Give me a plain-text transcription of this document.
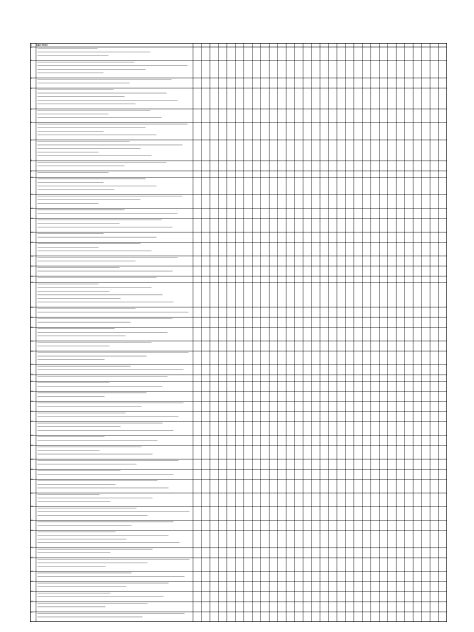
I SECTION
1
2
3
4
5
6
7
8
9
10
11
12
13
14
15
16
17
18
19
20
21
22
23
24
25
26
27
28
29
30
31
32
33
34
35
36
37
38
39
40
41
42
43
44
45
46
47
